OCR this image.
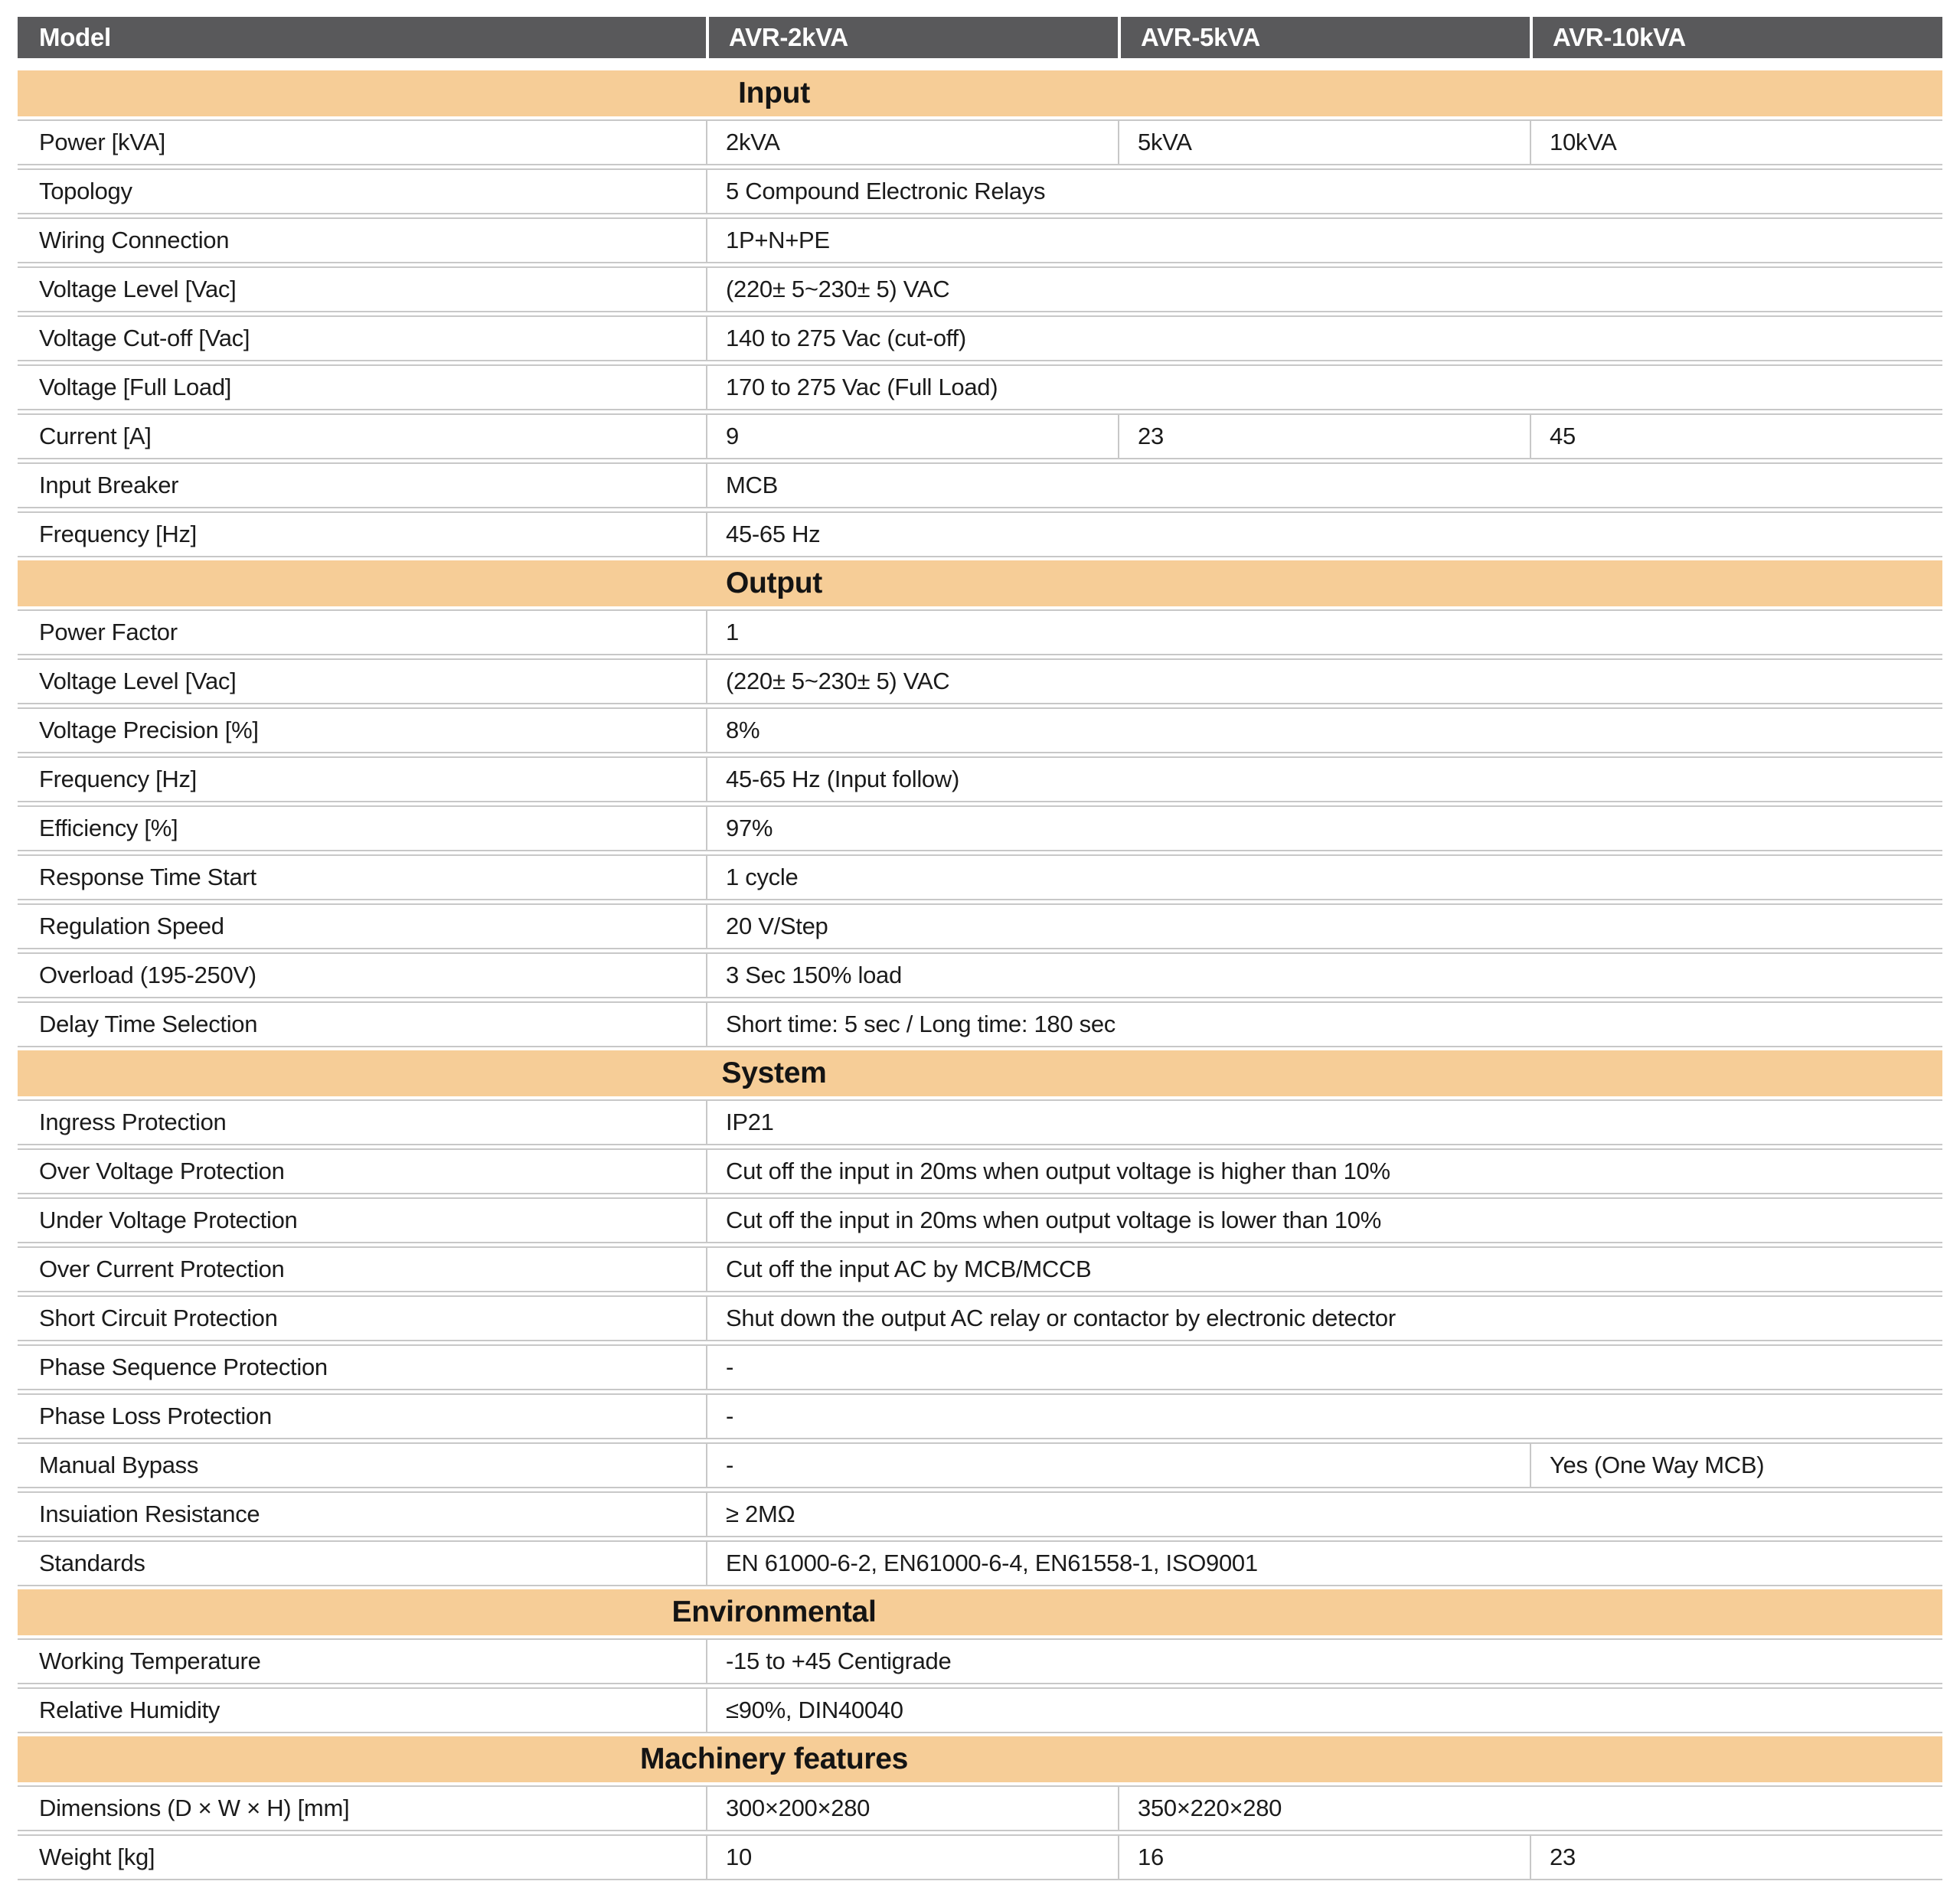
Model	AVR-2kVA	AVR-5kVA	AVR-10kVA

Input			

Power [kVA]	2kVA	5kVA	10kVA
Topology	5 Compound Electronic Relays		
Wiring Connection	1P+N+PE		
Voltage Level [Vac]	(220± 5~230± 5) VAC		
Voltage Cut-off [Vac]	140 to 275 Vac (cut-off)		
Voltage [Full Load]	170 to 275 Vac (Full Load)		
Current [A]	9	23	45
Input Breaker	MCB		
Frequency [Hz]	45-65 Hz		

Output			

Power Factor	1		
Voltage Level [Vac]	(220± 5~230± 5) VAC		
Voltage Precision [%]	8%		
Frequency [Hz]	45-65 Hz (Input follow)		
Efficiency [%]	97%		
Response Time Start	1 cycle		
Regulation Speed	20 V/Step		
Overload (195-250V)	3 Sec 150% load		
Delay Time Selection	Short time: 5 sec / Long time: 180 sec		

System			

Ingress Protection	IP21		
Over Voltage Protection	Cut off the input in 20ms when output voltage is higher than 10%		
Under Voltage Protection	Cut off the input in 20ms when output voltage is lower than 10%		
Over Current Protection	Cut off the input AC by MCB/MCCB		
Short Circuit Protection	Shut down the output AC relay or contactor by electronic detector		
Phase Sequence Protection	-		
Phase Loss Protection	-		
Manual Bypass	-		Yes (One Way MCB)
Insuiation Resistance	≥ 2MΩ		
Standards	EN 61000-6-2, EN61000-6-4, EN61558-1, ISO9001		

Environmental			

Working Temperature	-15 to +45 Centigrade		
Relative Humidity	≤90%, DIN40040		

Machinery features			

Dimensions (D × W × H) [mm]	300×200×280	350×220×280	
Weight [kg]	10	16	23
